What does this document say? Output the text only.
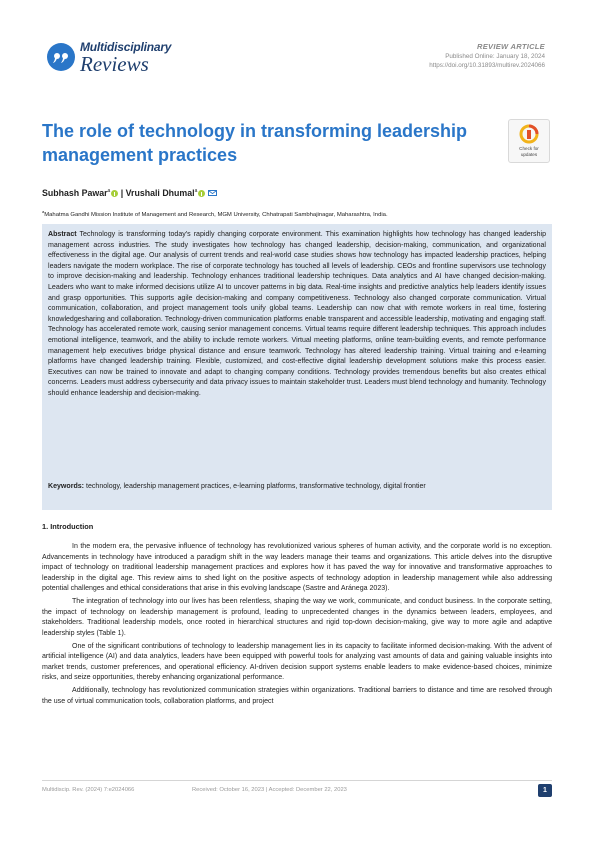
Multidisciplinary
Reviews
REVIEW ARTICLE
Published Online: January 18, 2024
https://doi.org/10.31893/multirev.2024066
The role of technology in transforming leadership management practices	Check for
updates
Subhash Pawar$^a$ | Vrushali Dhumal$^a$
$^a$Mahatma Gandhi Mission Institute of Management and Research, MGM University, Chhatrapati Sambhajinagar, Maharashtra, India.

Abstract Technology is transforming today's rapidly changing corporate environment. This examination highlights how technology has changed leadership management across industries. The study investigates how technology has changed leadership, decision-making, communication, and organizational effectiveness in the digital age. Our analysis of current trends and real-world case studies shows how technology has impacted leadership practices, helping leaders navigate the modern workplace. The rise of corporate technology has touched all levels of leadership. CEOs and frontline supervisors use technology to improve decision-making and leadership. Technology enhances traditional leadership techniques. Data analytics and AI have changed decision-making. Leaders who want to make informed decisions utilize AI to uncover patterns in big data. Real-time insights and predictive analytics help leaders identify issues and grasp opportunities. This supports agile decision-making and company competitiveness. Technology also changed corporate communication. Virtual communication, collaboration, and project management tools unify global teams. Leadership can now chat with remote workers in real time, fostering knowledgesharing and collaboration. Technology-driven communication platforms enable transparent and accessible leadership, motivating and engaging staff. Technology has accelerated remote work, causing senior management concerns. Virtual teams require different leadership techniques. This approach includes emotional intelligence, teamwork, and the ability to include remote workers. Virtual meeting platforms, online team-building events, and remote performance management help executives bridge physical distance and ensure teamwork. Technology has altered leadership training. Virtual training and e-learning platforms have changed leadership training. Flexible, customized, and cost-effective digital leadership development solutions make this process easier. Executives can now be trained to innovate and adapt to changing company conditions. Technology provides tremendous benefits but also creates ethical concerns. Leaders must address cybersecurity and data privacy issues to maintain stakeholder trust. Leaders must blend technology and humanity. Technology should enhance leadership and decision-making.

Keywords: technology, leadership management practices, e-learning platforms, transformative technology, digital frontier

1. Introduction

In the modern era, the pervasive influence of technology has revolutionized various spheres of human activity, and the corporate world is no exception. Advancements in technology have introduced a paradigm shift in the way leaders manage their teams and organizations. This article delves into the disruptive impact of technology on traditional leadership management practices and explores how it has paved the way for innovative and transformative approaches to leadership in the digital age. This review aims to shed light on the positive aspects of technology adoption in leadership management while also addressing potential challenges and ethical considerations that arise in this evolving landscape (Sastre and Aránega 2023).

The integration of technology into our lives has been relentless, shaping the way we work, communicate, and conduct business. In the corporate setting, the impact of technology on leadership management is profound, leading to unprecedented changes in the dynamics between leaders, employees, and stakeholders. Traditional leadership models, once rooted in hierarchical structures and rigid top-down decision-making, give way to more agile and adaptive leadership styles (Table 1).

One of the significant contributions of technology to leadership management lies in its capacity to facilitate informed decision-making. With the advent of artificial intelligence (AI) and data analytics, leaders have been equipped with powerful tools for analyzing vast amounts of data and gaining valuable insights into market trends, customer preferences, and operational efficiency. AI-driven decision support systems enable leaders to make evidence-based choices, minimize risks, and seize opportunities, thereby enhancing organizational performance.

Additionally, technology has revolutionized communication strategies within organizations. Traditional barriers to distance and time are resolved through the use of virtual communication tools, collaboration platforms, and project

Multidiscip. Rev. (2024) 7:e2024066	Received: October 16, 2023 | Accepted: December 22, 2023	1
